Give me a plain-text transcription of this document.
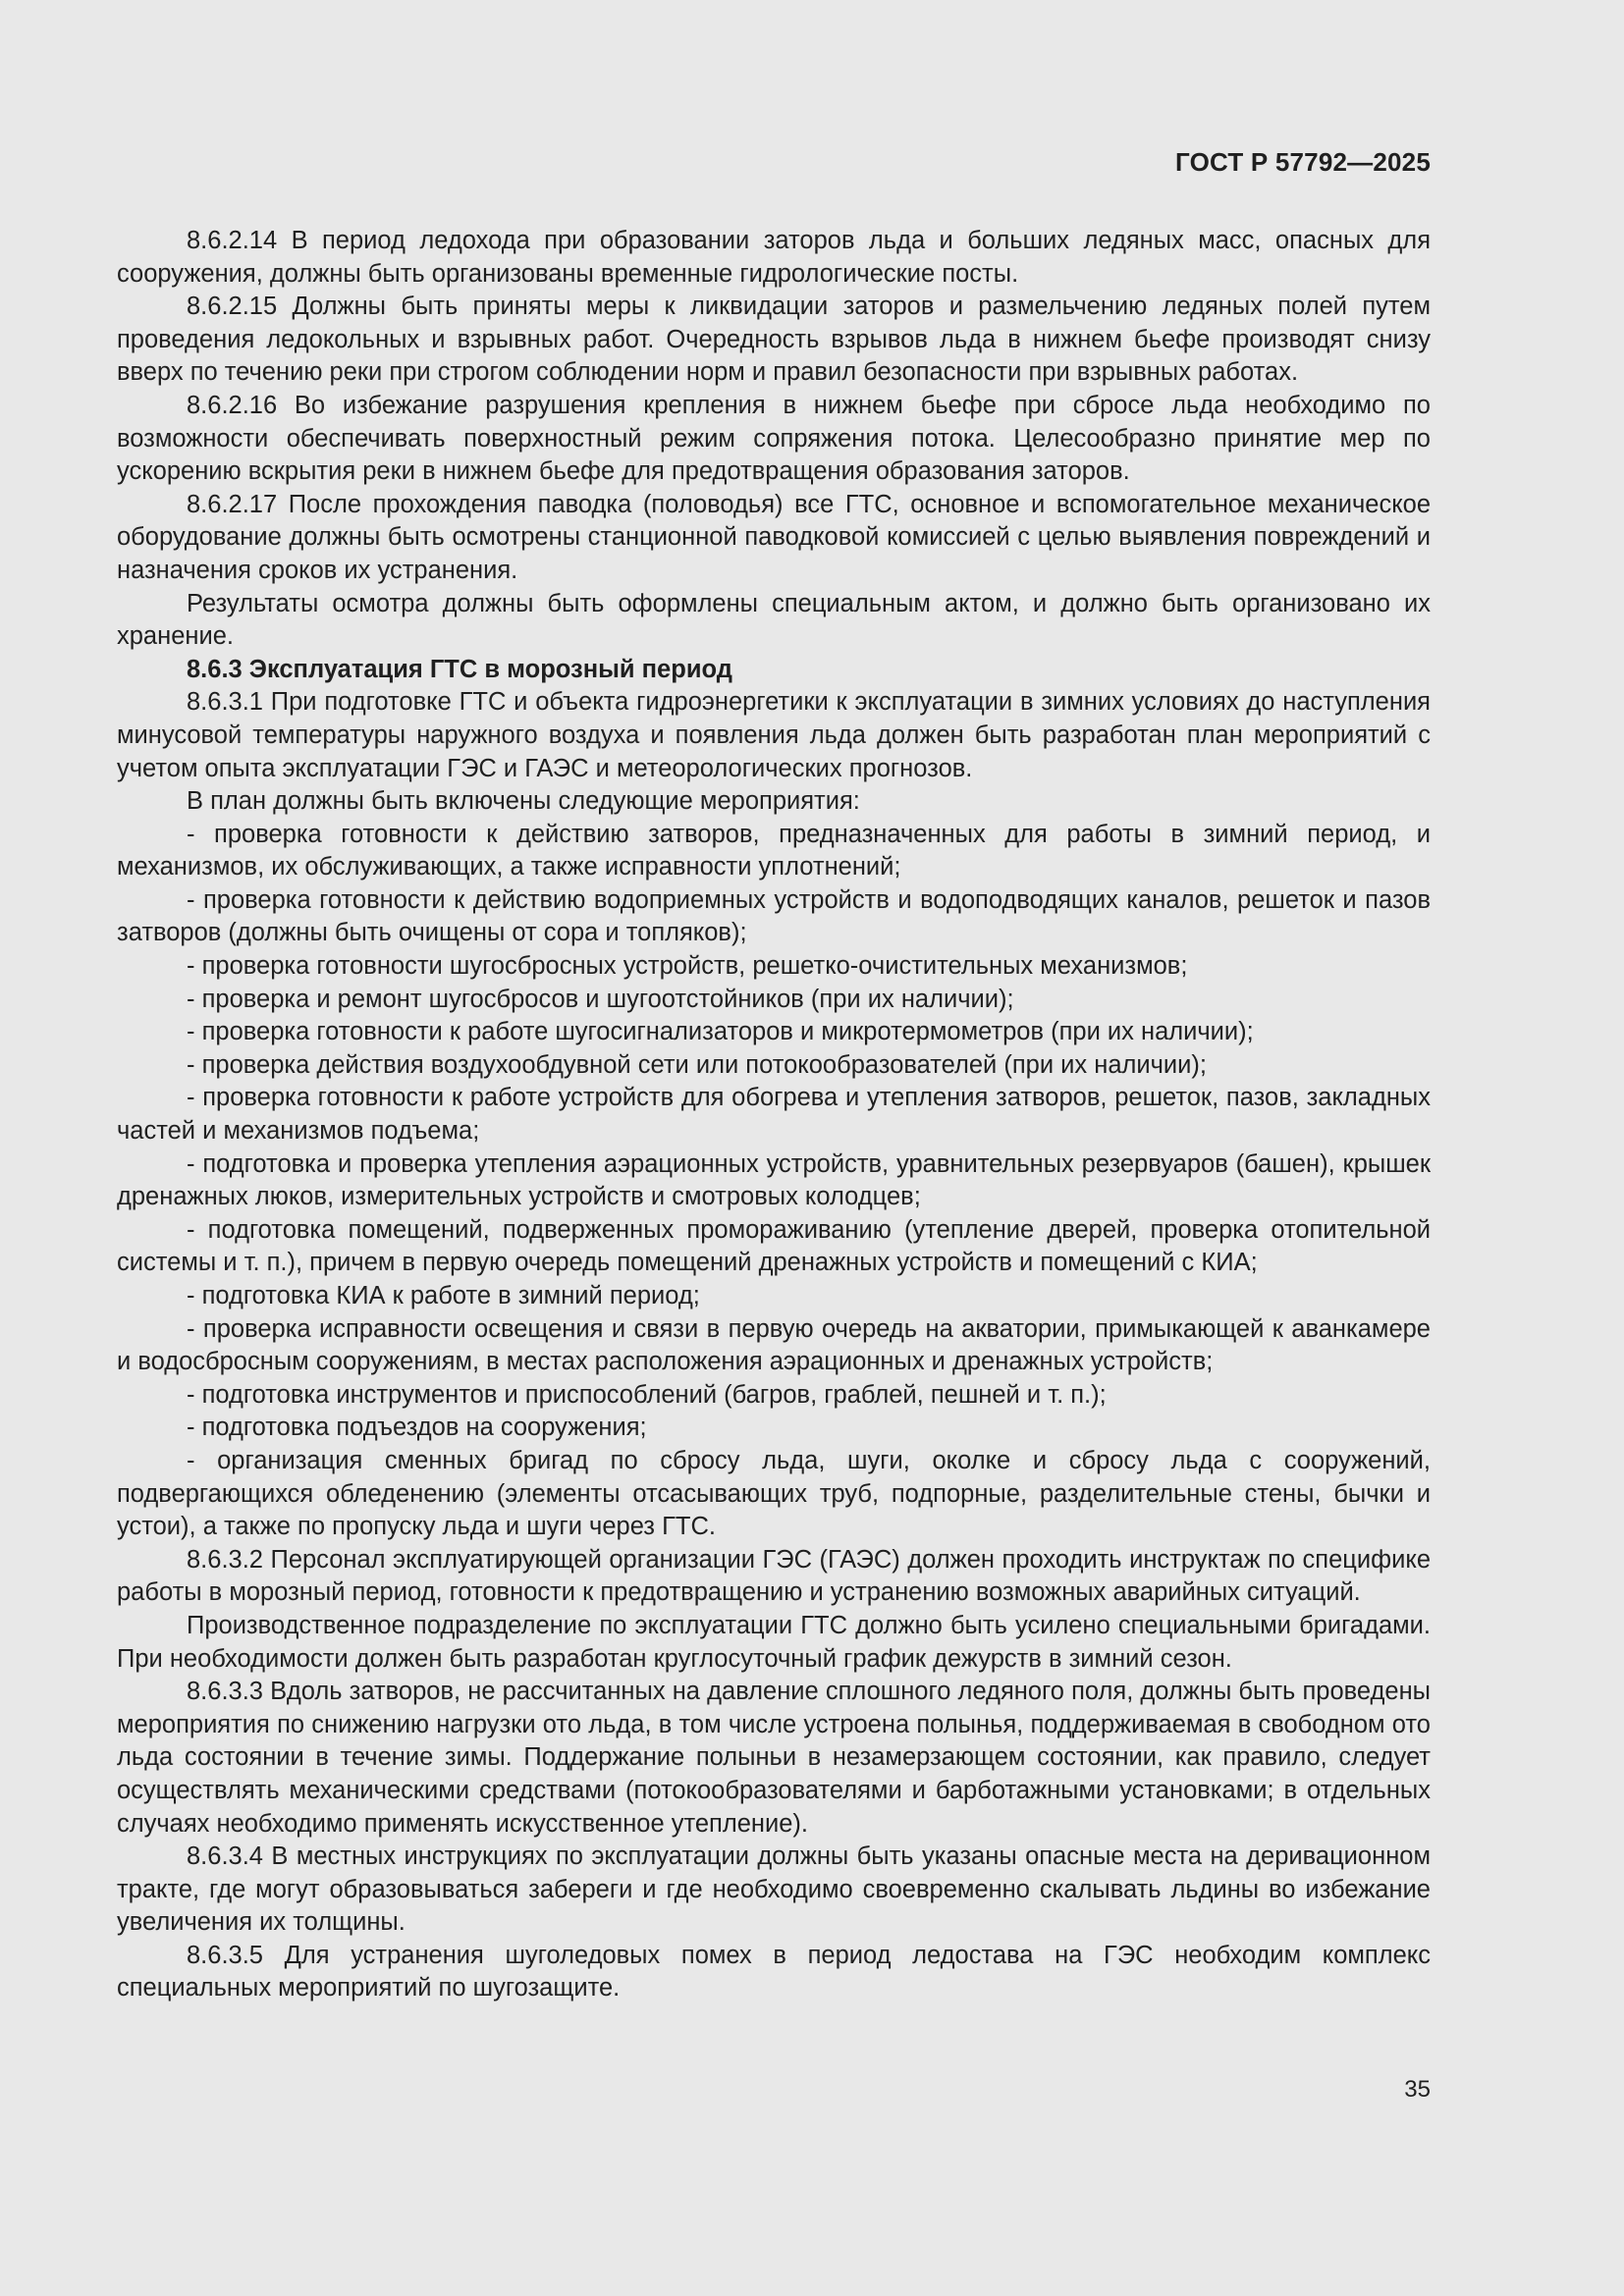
ГОСТ Р 57792—2025

8.6.2.14 В период ледохода при образовании заторов льда и больших ледяных масс, опасных для сооружения, должны быть организованы временные гидрологические посты.

8.6.2.15 Должны быть приняты меры к ликвидации заторов и размельчению ледяных полей путем проведения ледокольных и взрывных работ. Очередность взрывов льда в нижнем бьефе производят снизу вверх по течению реки при строгом соблюдении норм и правил безопасности при взрывных работах.

8.6.2.16 Во избежание разрушения крепления в нижнем бьефе при сбросе льда необходимо по возможности обеспечивать поверхностный режим сопряжения потока. Целесообразно принятие мер по ускорению вскрытия реки в нижнем бьефе для предотвращения образования заторов.

8.6.2.17 После прохождения паводка (половодья) все ГТС, основное и вспомогательное механическое оборудование должны быть осмотрены станционной паводковой комиссией с целью выявления повреждений и назначения сроков их устранения.

Результаты осмотра должны быть оформлены специальным актом, и должно быть организовано их хранение.

8.6.3 Эксплуатация ГТС в морозный период

8.6.3.1 При подготовке ГТС и объекта гидроэнергетики к эксплуатации в зимних условиях до наступления минусовой температуры наружного воздуха и появления льда должен быть разработан план мероприятий с учетом опыта эксплуатации ГЭС и ГАЭС и метеорологических прогнозов.

В план должны быть включены следующие мероприятия:

- проверка готовности к действию затворов, предназначенных для работы в зимний период, и механизмов, их обслуживающих, а также исправности уплотнений;

- проверка готовности к действию водоприемных устройств и водоподводящих каналов, решеток и пазов затворов (должны быть очищены от сора и топляков);

- проверка готовности шугосбросных устройств, решетко-очистительных механизмов;

- проверка и ремонт шугосбросов и шугоотстойников (при их наличии);

- проверка готовности к работе шугосигнализаторов и микротермометров (при их наличии);

- проверка действия воздухообдувной сети или потокообразователей (при их наличии);

- проверка готовности к работе устройств для обогрева и утепления затворов, решеток, пазов, закладных частей и механизмов подъема;

- подготовка и проверка утепления аэрационных устройств, уравнительных резервуаров (башен), крышек дренажных люков, измерительных устройств и смотровых колодцев;

- подготовка помещений, подверженных промораживанию (утепление дверей, проверка отопительной системы и т. п.), причем в первую очередь помещений дренажных устройств и помещений с КИА;

- подготовка КИА к работе в зимний период;

- проверка исправности освещения и связи в первую очередь на акватории, примыкающей к аванкамере и водосбросным сооружениям, в местах расположения аэрационных и дренажных устройств;

- подготовка инструментов и приспособлений (багров, граблей, пешней и т. п.);

- подготовка подъездов на сооружения;

- организация сменных бригад по сбросу льда, шуги, околке и сбросу льда с сооружений, подвергающихся обледенению (элементы отсасывающих труб, подпорные, разделительные стены, бычки и устои), а также по пропуску льда и шуги через ГТС.

8.6.3.2 Персонал эксплуатирующей организации ГЭС (ГАЭС) должен проходить инструктаж по специфике работы в морозный период, готовности к предотвращению и устранению возможных аварийных ситуаций.

Производственное подразделение по эксплуатации ГТС должно быть усилено специальными бригадами. При необходимости должен быть разработан круглосуточный график дежурств в зимний сезон.

8.6.3.3 Вдоль затворов, не рассчитанных на давление сплошного ледяного поля, должны быть проведены мероприятия по снижению нагрузки ото льда, в том числе устроена полынья, поддерживаемая в свободном ото льда состоянии в течение зимы. Поддержание полыньи в незамерзающем состоянии, как правило, следует осуществлять механическими средствами (потокообразователями и барботажными установками; в отдельных случаях необходимо применять искусственное утепление).

8.6.3.4 В местных инструкциях по эксплуатации должны быть указаны опасные места на деривационном тракте, где могут образовываться забереги и где необходимо своевременно скалывать льдины во избежание увеличения их толщины.

8.6.3.5 Для устранения шуголедовых помех в период ледостава на ГЭС необходим комплекс специальных мероприятий по шугозащите.

35
